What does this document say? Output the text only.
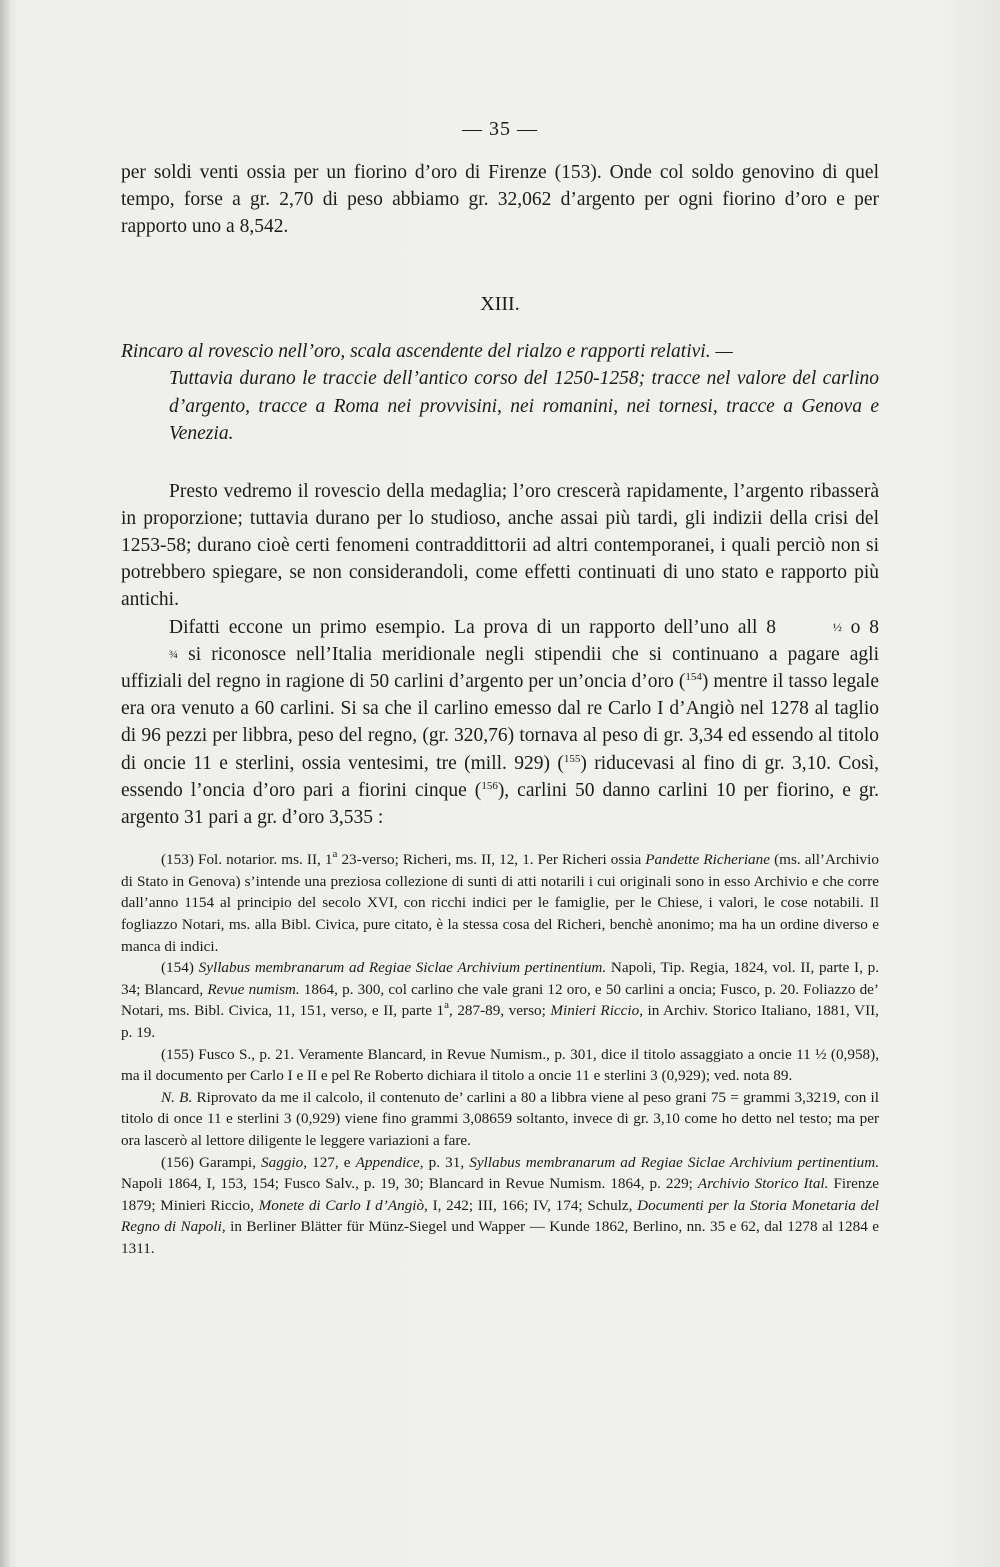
— 35 —

per soldi venti ossia per un fiorino d’oro di Firenze (153). Onde col soldo genovino di quel tempo, forse a gr. 2,70 di peso abbiamo gr. 32,062 d’argento per ogni fiorino d’oro e per rapporto uno a 8,542.

XIII.
Rincaro al rovescio nell’oro, scala ascendente del rialzo e rapporti relativi. —
Tuttavia durano le traccie dell’antico corso del 1250-1258; tracce nel valore del carlino d’argento, tracce a Roma nei provvisini, nei romanini, nei tornesi, tracce a Genova e Venezia.

Presto vedremo il rovescio della medaglia; l’oro crescerà rapidamente, l’argento ribasserà in proporzione; tuttavia durano per lo studioso, anche assai più tardi, gli indizii della crisi del 1253-58; durano cioè certi fenomeni contraddittorii ad altri contemporanei, i quali perciò non si potrebbero spiegare, se non considerandoli, come effetti continuati di uno stato e rapporto più antichi.

Difatti eccone un primo esempio. La prova di un rapporto dell’uno all 8	½ o 8 ¾ si riconosce nell’Italia meridionale negli stipendii che si continuano a pagare agli uffiziali del regno in ragione di 50 carlini d’argento per un’oncia d’oro ($^{154}$) mentre il tasso legale era ora venuto a 60 carlini. Si sa che il carlino emesso dal re Carlo I d’Angiò nel 1278 al taglio di 96 pezzi per libbra, peso del regno, (gr. 320,76) tornava al peso di gr. 3,34 ed essendo al titolo di oncie 11 e sterlini, ossia ventesimi, tre (mill. 929) ($^{155}$) riducevasi al fino di gr. 3,10. Così, essendo l’oncia d’oro pari a fiorini cinque ($^{156}$), carlini 50 danno carlini 10 per fiorino, e gr. argento 31 pari a gr. d’oro 3,535 :

(153) Fol. notarior. ms. II, 1$^a$ 23-verso; Richeri, ms. II, 12, 1. Per Richeri ossia Pandette Richeriane (ms. all’Archivio di Stato in Genova) s’intende una preziosa collezione di sunti di atti notarili i cui originali sono in esso Archivio e che corre dall’anno 1154 al principio del secolo XVI, con ricchi indici per le famiglie, per le Chiese, i valori, le cose notabili. Il fogliazzo Notari, ms. alla Bibl. Civica, pure citato, è la stessa cosa del Richeri, benchè anonimo; ma ha un ordine diverso e manca di indici.

(154) Syllabus membranarum ad Regiae Siclae Archivium pertinentium. Napoli, Tip. Regia, 1824, vol. II, parte I, p. 34; Blancard, Revue numism. 1864, p. 300, col carlino che vale grani 12 oro, e 50 carlini a oncia; Fusco, p. 20. Foliazzo de’ Notari, ms. Bibl. Civica, 11, 151, verso, e II, parte 1$^a$, 287-89, verso; Minieri Riccio, in Archiv. Storico Italiano, 1881, VII, p. 19.

(155) Fusco S., p. 21. Veramente Blancard, in Revue Numism., p. 301, dice il titolo assaggiato a oncie 11 ½ (0,958), ma il documento per Carlo I e II e pel Re Roberto dichiara il titolo a oncie 11 e sterlini 3 (0,929); ved. nota 89.

N. B. Riprovato da me il calcolo, il contenuto de’ carlini a 80 a libbra viene al peso grani 75 = grammi 3,3219, con il titolo di once 11 e sterlini 3 (0,929) viene fino grammi 3,08659 soltanto, invece di gr. 3,10 come ho detto nel testo; ma per ora lascerò al lettore diligente le leggere variazioni a fare.

(156) Garampi, Saggio, 127, e Appendice, p. 31, Syllabus membranarum ad Regiae Siclae Archivium pertinentium. Napoli 1864, I, 153, 154; Fusco Salv., p. 19, 30; Blancard in Revue Numism. 1864, p. 229; Archivio Storico Ital. Firenze 1879; Minieri Riccio, Monete di Carlo I d’Angiò, I, 242; III, 166; IV, 174; Schulz, Documenti per la Storia Monetaria del Regno di Napoli, in Berliner Blätter für Münz-Siegel und Wapper — Kunde 1862, Berlino, nn. 35 e 62, dal 1278 al 1284 e 1311.
